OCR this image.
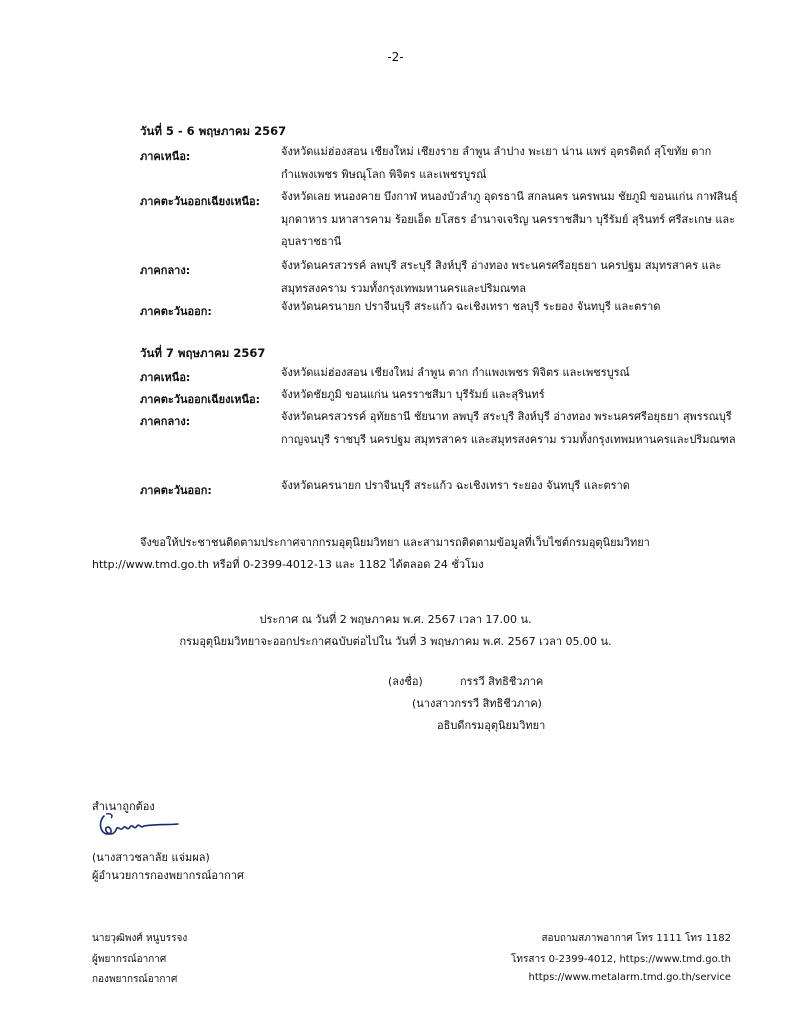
-2-
วันที่ 5 - 6 พฤษภาคม 2567
ภาคเหนือ:	จังหวัดแม่ฮ่องสอน เชียงใหม่ เชียงราย ลำพูน ลำปาง พะเยา น่าน แพร่ อุตรดิตถ์ สุโขทัย ตาก กำแพงเพชร พิษณุโลก พิจิตร และเพชรบูรณ์
ภาคตะวันออกเฉียงเหนือ: จังหวัดเลย หนองคาย บึงกาฬ หนองบัวลำภู อุดรธานี สกลนคร นครพนม ชัยภูมิ ขอนแก่น กาฬสินธุ์ มุกดาหาร มหาสารคาม ร้อยเอ็ด ยโสธร อำนาจเจริญ นครราชสีมา บุรีรัมย์ สุรินทร์ ศรีสะเกษ และอุบลราชธานี
ภาคกลาง:	จังหวัดนครสวรรค์ ลพบุรี สระบุรี สิงห์บุรี อ่างทอง พระนครศรีอยุธยา นครปฐม สมุทรสาคร และสมุทรสงคราม รวมทั้งกรุงเทพมหานครและปริมณฑล
ภาคตะวันออก:	จังหวัดนครนายก ปราจีนบุรี สระแก้ว ฉะเชิงเทรา ชลบุรี ระยอง จันทบุรี และตราด
วันที่ 7 พฤษภาคม 2567
ภาคเหนือ:	จังหวัดแม่ฮ่องสอน เชียงใหม่ ลำพูน ตาก กำแพงเพชร พิจิตร และเพชรบูรณ์
ภาคตะวันออกเฉียงเหนือ: จังหวัดชัยภูมิ ขอนแก่น นครราชสีมา บุรีรัมย์ และสุรินทร์
ภาคกลาง:	จังหวัดนครสวรรค์ อุทัยธานี ชัยนาท ลพบุรี สระบุรี สิงห์บุรี อ่างทอง พระนครศรีอยุธยา สุพรรณบุรี กาญจนบุรี ราชบุรี นครปฐม สมุทรสาคร และสมุทรสงคราม รวมทั้งกรุงเทพมหานครและปริมณฑล
ภาคตะวันออก:	จังหวัดนครนายก ปราจีนบุรี สระแก้ว ฉะเชิงเทรา ระยอง จันทบุรี และตราด
จึงขอให้ประชาชนติดตามประกาศจากกรมอุตุนิยมวิทยา และสามารถติดตามข้อมูลที่เว็บไซต์กรมอุตุนิยมวิทยา http://www.tmd.go.th หรือที่ 0-2399-4012-13 และ 1182 ได้ตลอด 24 ชั่วโมง
ประกาศ ณ วันที่ 2 พฤษภาคม พ.ศ. 2567 เวลา 17.00 น.
กรมอุตุนิยมวิทยาจะออกประกาศฉบับต่อไปใน วันที่ 3 พฤษภาคม พ.ศ. 2567 เวลา 05.00 น.
(ลงชื่อ)	กรรวี สิทธิชีวภาค
(นางสาวกรรวี สิทธิชีวภาค)
อธิบดีกรมอุตุนิยมวิทยา
สำเนาถูกต้อง
(นางสาวชลาลัย แจ่มผล)
ผู้อำนวยการกองพยากรณ์อากาศ
นายวุฒิพงศ์ หนูบรรจง
ผู้พยากรณ์อากาศ
กองพยากรณ์อากาศ
สอบถามสภาพอากาศ โทร 1111 โทร 1182
โทรสาร 0-2399-4012, https://www.tmd.go.th
https://www.metalarm.tmd.go.th/service
